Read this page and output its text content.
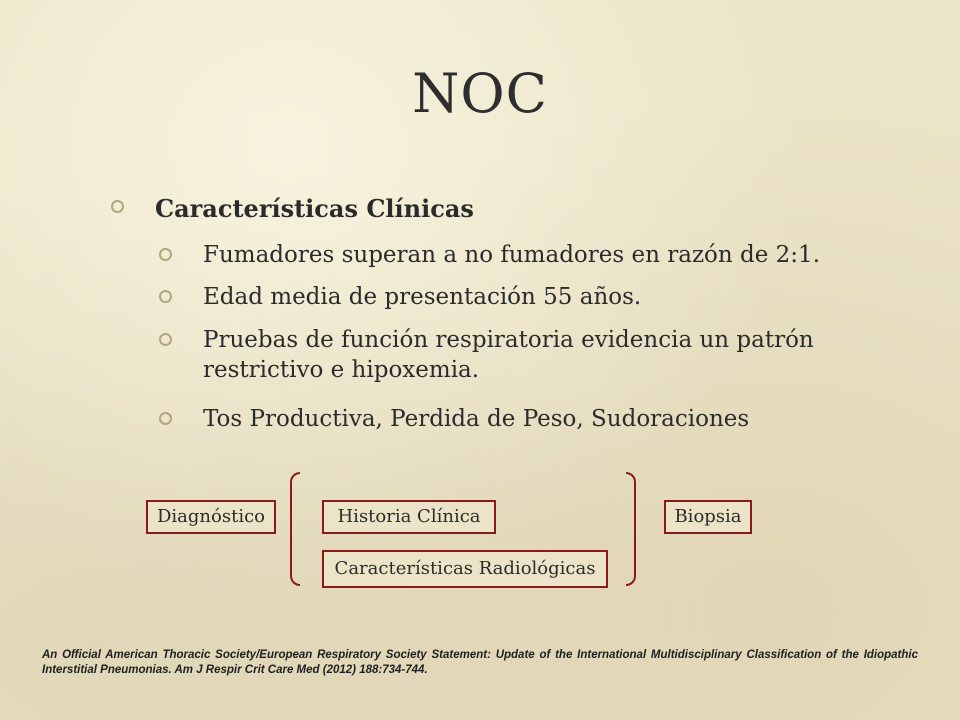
NOC
Características Clínicas
Fumadores superan a no fumadores en razón de 2:1.
Edad media de presentación 55 años.
Pruebas de función respiratoria evidencia un patrón restrictivo e hipoxemia.
Tos Productiva, Perdida de Peso, Sudoraciones
Diagnóstico	Historia Clínica
Características Radiológicas
Biopsia

An Official American Thoracic Society/European Respiratory Society Statement: Update of the International Multidisciplinary Classification of the Idiopathic Interstitial Pneumonias. Am J Respir Crit Care Med (2012) 188:734-744.
